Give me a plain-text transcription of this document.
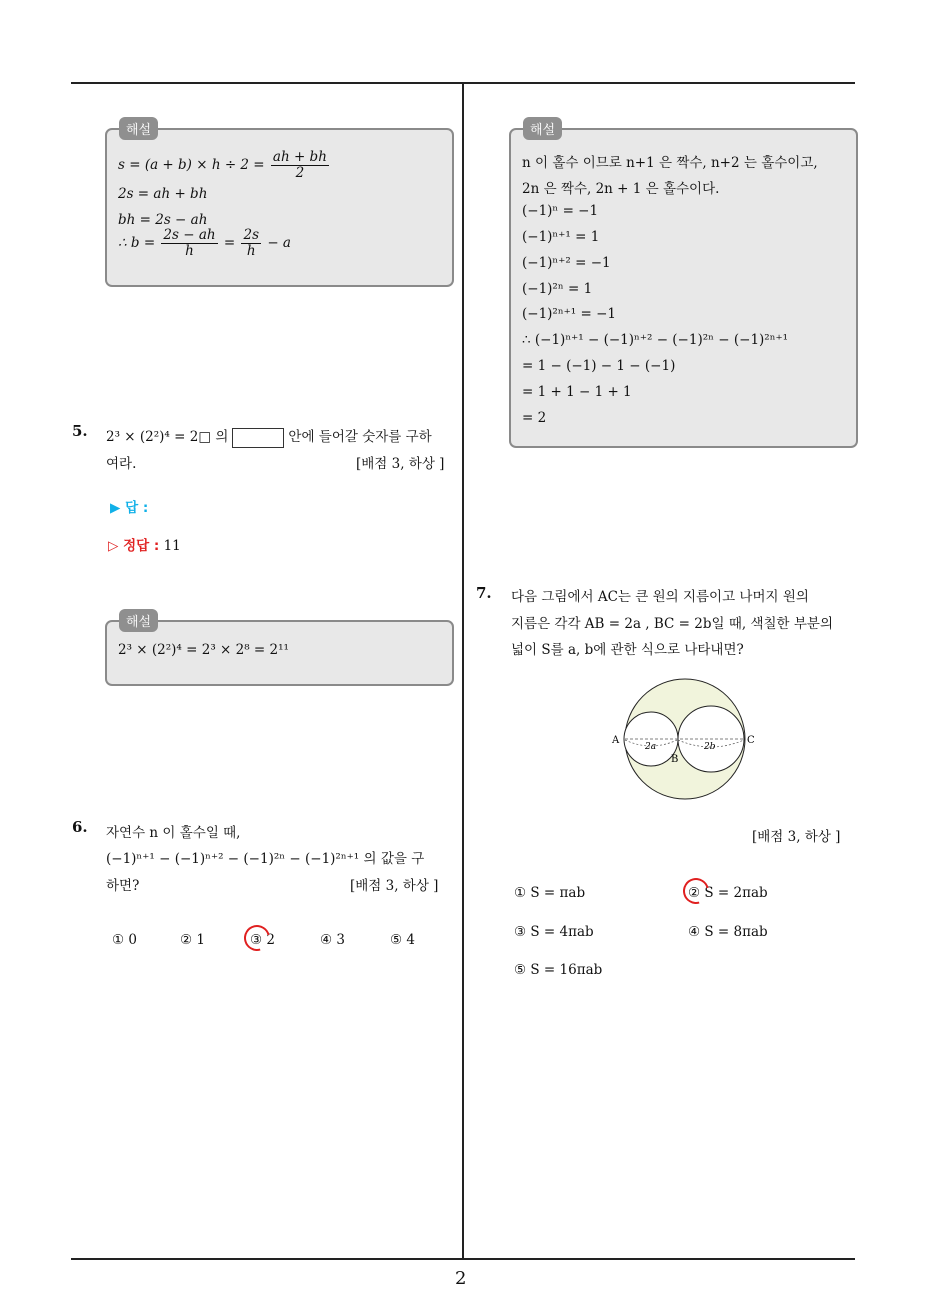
2
해설
$s = (a + b) \times h \div 2 = \frac{ah + bh}{2}$
2s = ah + bh
bh = 2s − ah
∴ $b = \frac{2s - ah}{h} = \frac{2s}{h} - a$
5. 2³ × (2²)⁴ = 2□ 의	안에 들어갈 숫자를 구하
여라.	[배점 3, 하상 ]
▶ 답 :
▷ 정답 : 11
해설
2³ × (2²)⁴ = 2³ × 2⁸ = 2¹¹
6. 자연수 n 이 홀수일 때,
(−1)ⁿ⁺¹ − (−1)ⁿ⁺² − (−1)²ⁿ − (−1)²ⁿ⁺¹ 의 값을 구
하면?	[배점 3, 하상 ]
① 0	② 1	③ 2	④ 3	⑤ 4
해설
n 이 홀수 이므로 n+1 은 짝수, n+2 는 홀수이고,
2n 은 짝수, 2n + 1 은 홀수이다.
(−1)ⁿ = −1
(−1)ⁿ⁺¹ = 1
(−1)ⁿ⁺² = −1
(−1)²ⁿ = 1
(−1)²ⁿ⁺¹ = −1
∴ (−1)ⁿ⁺¹ − (−1)ⁿ⁺² − (−1)²ⁿ − (−1)²ⁿ⁺¹
= 1 − (−1) − 1 − (−1)
= 1 + 1 − 1 + 1
= 2
7. 다음 그림에서 AC는 큰 원의 지름이고 나머지 원의
지름은 각각 AB = 2a , BC = 2b일 때, 색칠한 부분의
넓이 S를 a, b에 관한 식으로 나타내면?
A
B
C
2a	2b
[배점 3, 하상 ]
① S = πab	② S = 2πab
③ S = 4πab	④ S = 8πab
⑤ S = 16πab
